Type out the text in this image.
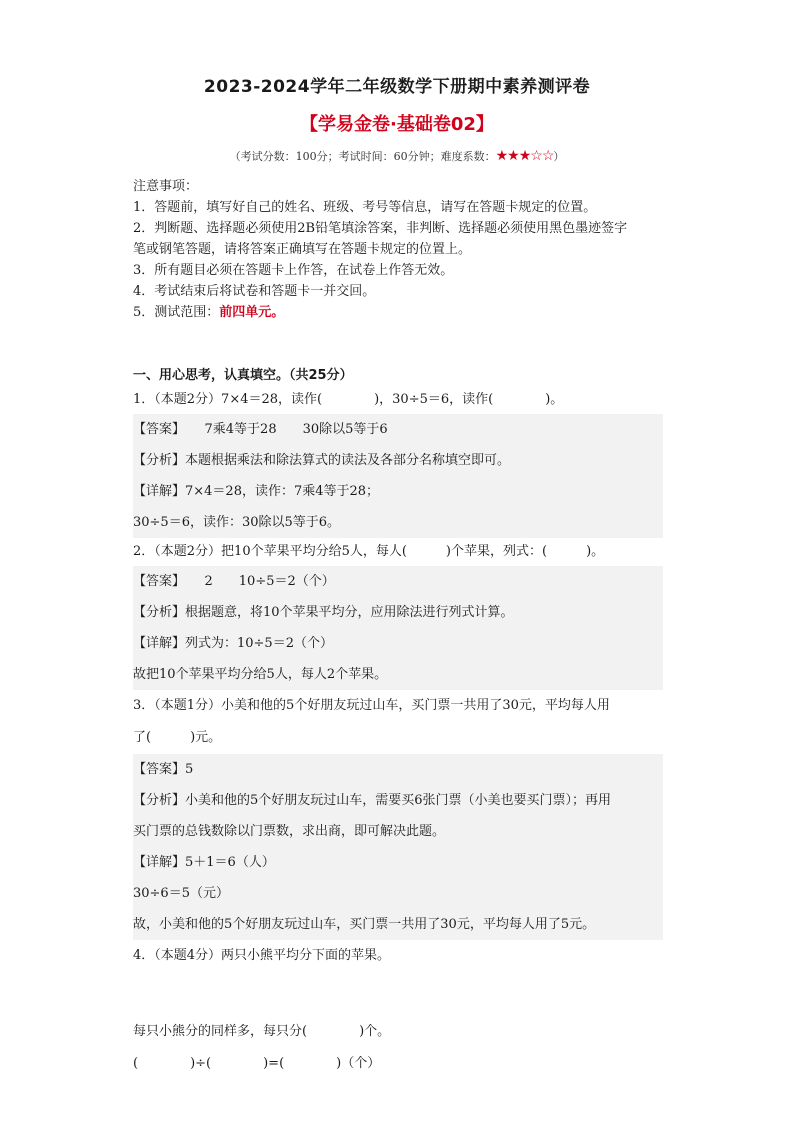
2023-2024学年二年级数学下册期中素养测评卷
【学易金卷·基础卷02】
（考试分数：100分；考试时间：60分钟；难度系数：★★★☆☆）
注意事项：
1．答题前，填写好自己的姓名、班级、考号等信息，请写在答题卡规定的位置。
2．判断题、选择题必须使用2B铅笔填涂答案，非判断、选择题必须使用黑色墨迹签字
笔或钢笔答题，请将答案正确填写在答题卡规定的位置上。
3．所有题目必须在答题卡上作答，在试卷上作答无效。
4．考试结束后将试卷和答题卡一并交回。
5．测试范围：前四单元。
一、用心思考，认真填空。（共25分）
1．（本题2分）7×4＝28，读作(　　　　)，30÷5＝6，读作(　　　　)。
【答案】　　7乘4等于28　　30除以5等于6
【分析】本题根据乘法和除法算式的读法及各部分名称填空即可。
【详解】7×4＝28，读作：7乘4等于28；
30÷5＝6，读作：30除以5等于6。
2．（本题2分）把10个苹果平均分给5人，每人(　　　)个苹果，列式：(　　　)。
【答案】　　2　　10÷5＝2（个）
【分析】根据题意，将10个苹果平均分，应用除法进行列式计算。
【详解】列式为：10÷5＝2（个）
故把10个苹果平均分给5人，每人2个苹果。
3．（本题1分）小美和他的5个好朋友玩过山车，买门票一共用了30元，平均每人用
了(　　　)元。
【答案】5
【分析】小美和他的5个好朋友玩过山车，需要买6张门票（小美也要买门票）；再用
买门票的总钱数除以门票数，求出商，即可解决此题。
【详解】5＋1＝6（人）
30÷6＝5（元）
故，小美和他的5个好朋友玩过山车，买门票一共用了30元，平均每人用了5元。
4．（本题4分）两只小熊平均分下面的苹果。
每只小熊分的同样多，每只分(　　　　)个。
(　　　　)÷(　　　　)=(　　　　)（个）
